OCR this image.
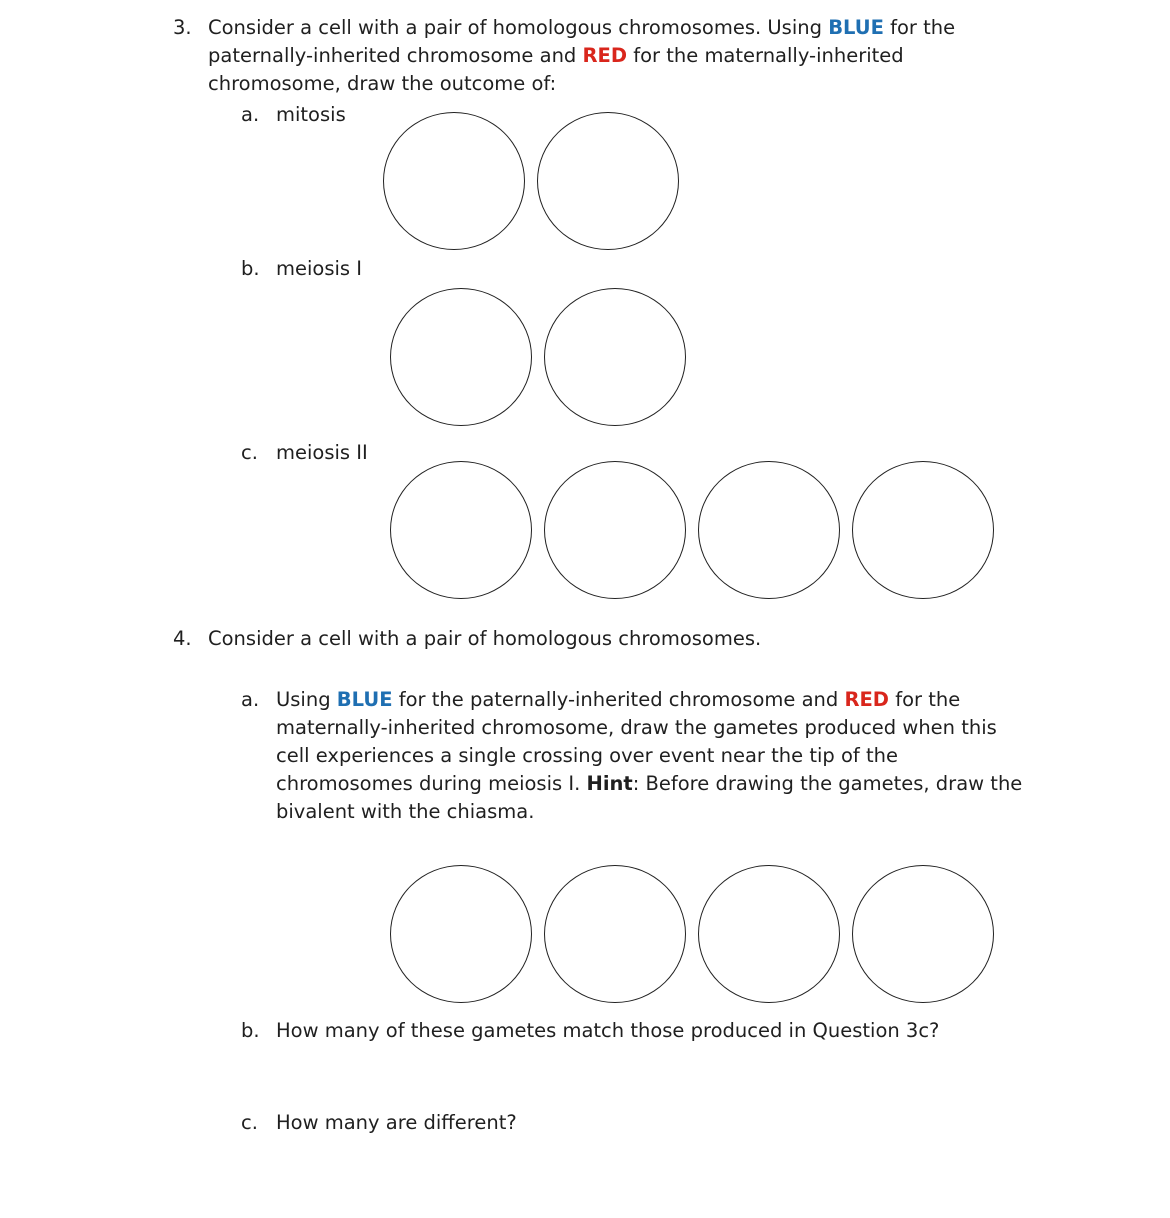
3. Consider a cell with a pair of homologous chromosomes. Using BLUE for the
paternally-inherited chromosome and RED for the maternally-inherited
chromosome, draw the outcome of:
a. mitosis
b. meiosis I
c. meiosis II
4. Consider a cell with a pair of homologous chromosomes.
a. Using BLUE for the paternally-inherited chromosome and RED for the
maternally-inherited chromosome, draw the gametes produced when this
cell experiences a single crossing over event near the tip of the
chromosomes during meiosis I. Hint: Before drawing the gametes, draw the
bivalent with the chiasma.
b. How many of these gametes match those produced in Question 3c?
c. How many are different?
